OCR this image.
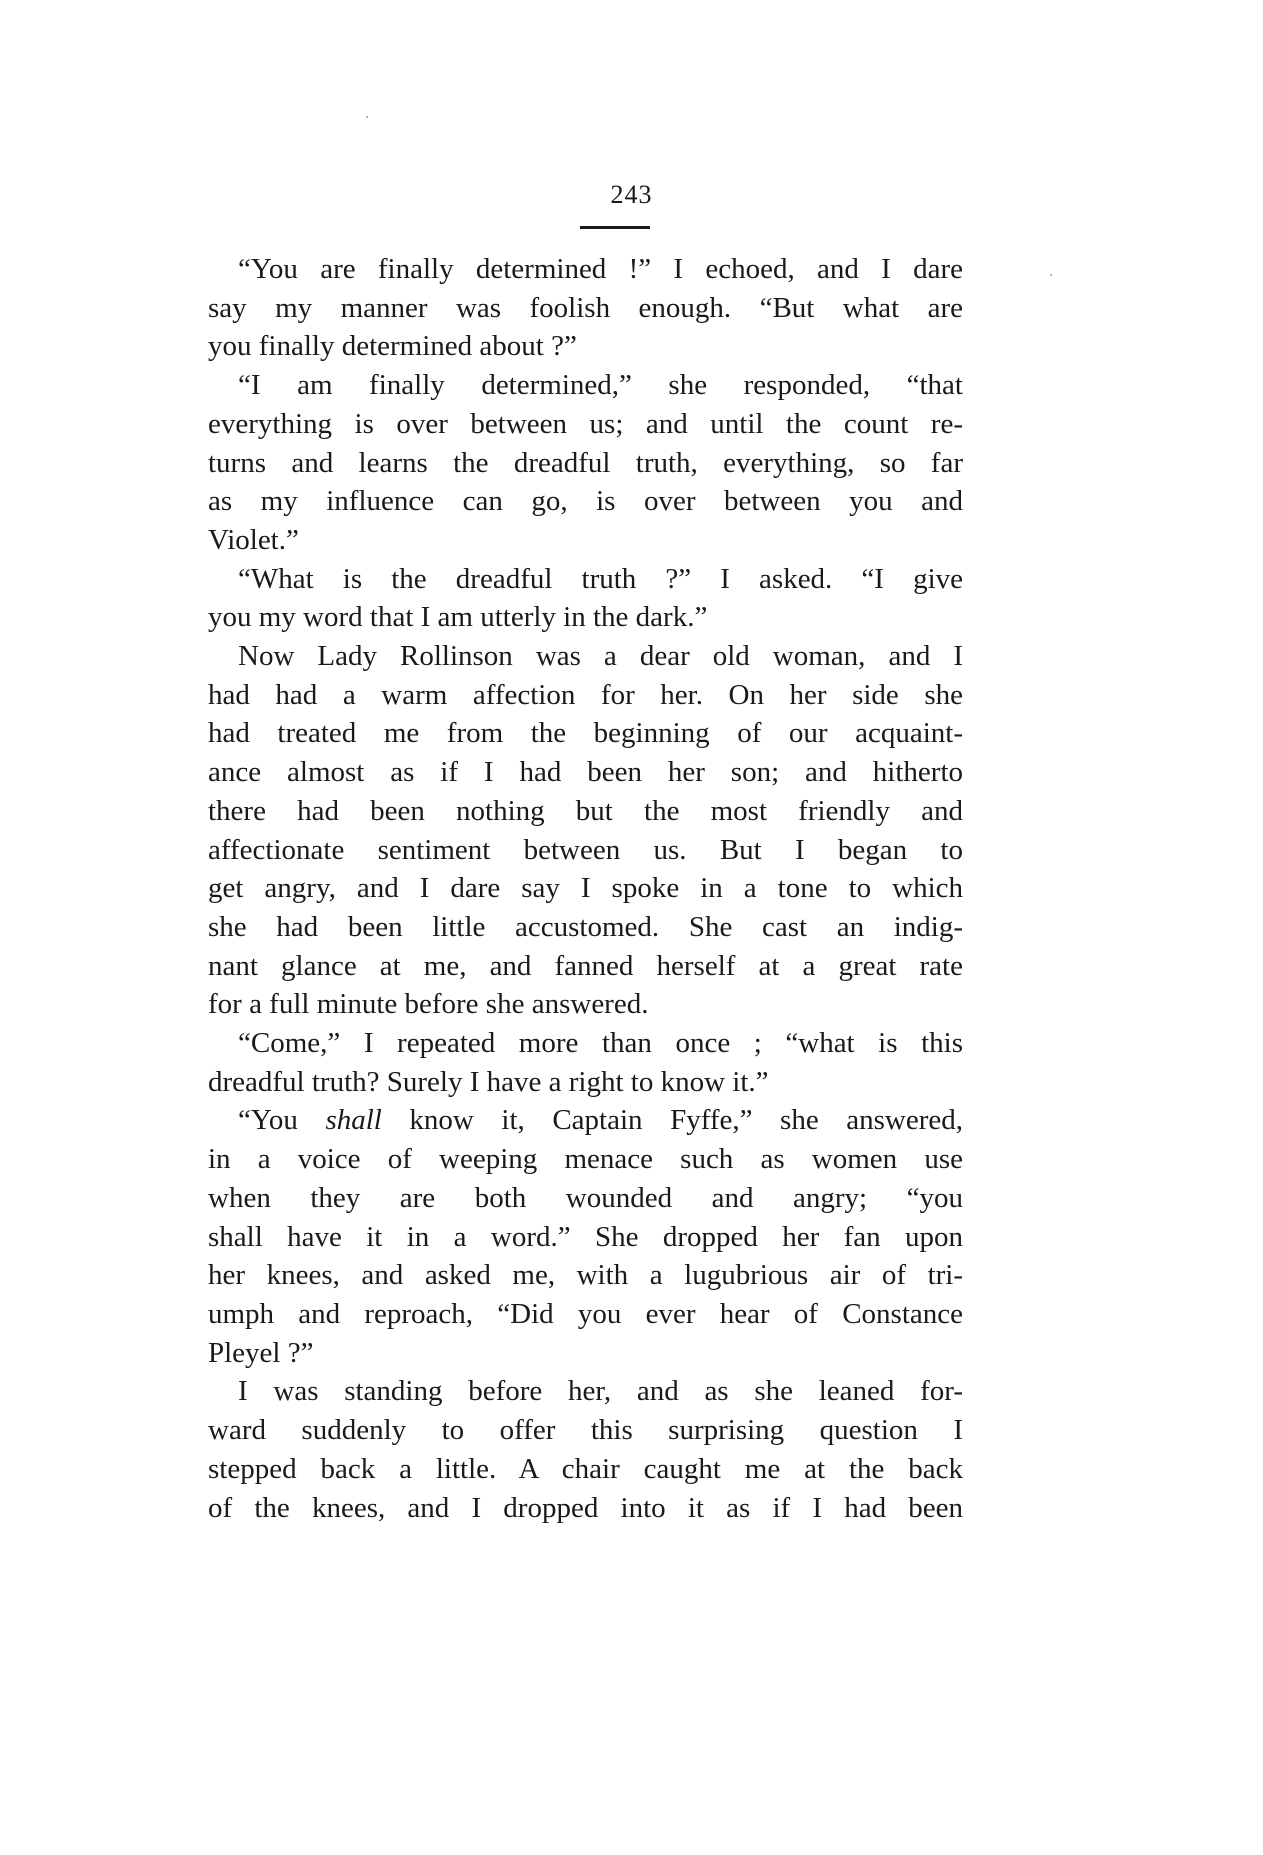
243

“You are finally determined !” I echoed, and I dare
say my manner was foolish enough. “But what are
you finally determined about ?”

“I am finally determined,” she responded, “that
everything is over between us; and until the count re-
turns and learns the dreadful truth, everything, so far
as my influence can go, is over between you and
Violet.”

“What is the dreadful truth ?” I asked. “I give
you my word that I am utterly in the dark.”

Now Lady Rollinson was a dear old woman, and I
had had a warm affection for her. On her side she
had treated me from the beginning of our acquaint-
ance almost as if I had been her son; and hitherto
there had been nothing but the most friendly and
affectionate sentiment between us. But I began to
get angry, and I dare say I spoke in a tone to which
she had been little accustomed. She cast an indig-
nant glance at me, and fanned herself at a great rate
for a full minute before she answered.

“Come,” I repeated more than once ; “what is this
dreadful truth? Surely I have a right to know it.”

“You shall know it, Captain Fyffe,” she answered,
in a voice of weeping menace such as women use
when they are both wounded and angry; “you
shall have it in a word.” She dropped her fan upon
her knees, and asked me, with a lugubrious air of tri-
umph and reproach, “Did you ever hear of Constance
Pleyel ?”

I was standing before her, and as she leaned for-
ward suddenly to offer this surprising question I
stepped back a little. A chair caught me at the back
of the knees, and I dropped into it as if I had been
